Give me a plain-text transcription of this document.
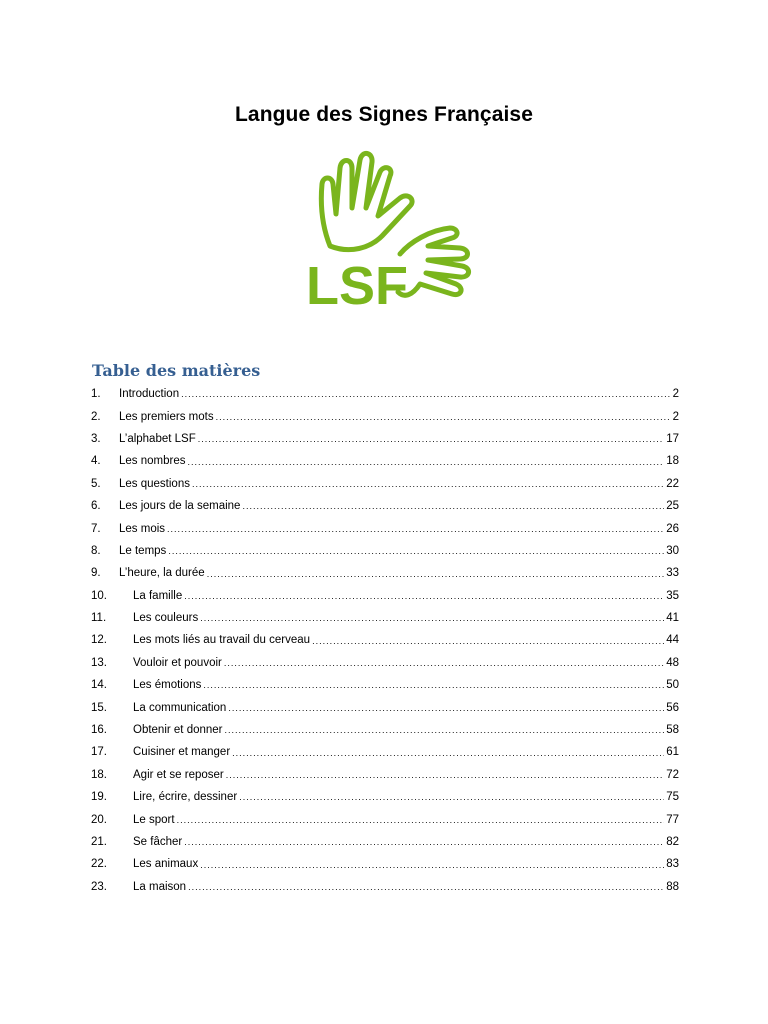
Langue des Signes Française
LSF
Table des matières
1.	Introduction .....	2
2.	Les premiers mots .....	2
3.	L’alphabet LSF .....	17
4.	Les nombres .....	18
5.	Les questions .....	22
6.	Les jours de la semaine .....	25
7.	Les mois .....	26
8.	Le temps .....	30
9.	L’heure, la durée .....	33
10.	La famille .....	35
11.	Les couleurs .....	41
12.	Les mots liés au travail du cerveau .....	44
13.	Vouloir et pouvoir .....	48
14.	Les émotions .....	50
15.	La communication .....	56
16.	Obtenir et donner .....	58
17.	Cuisiner et manger .....	61
18.	Agir et se reposer .....	72
19.	Lire, écrire, dessiner .....	75
20.	Le sport .....	77
21.	Se fâcher .....	82
22.	Les animaux .....	83
23.	La maison .....	88
